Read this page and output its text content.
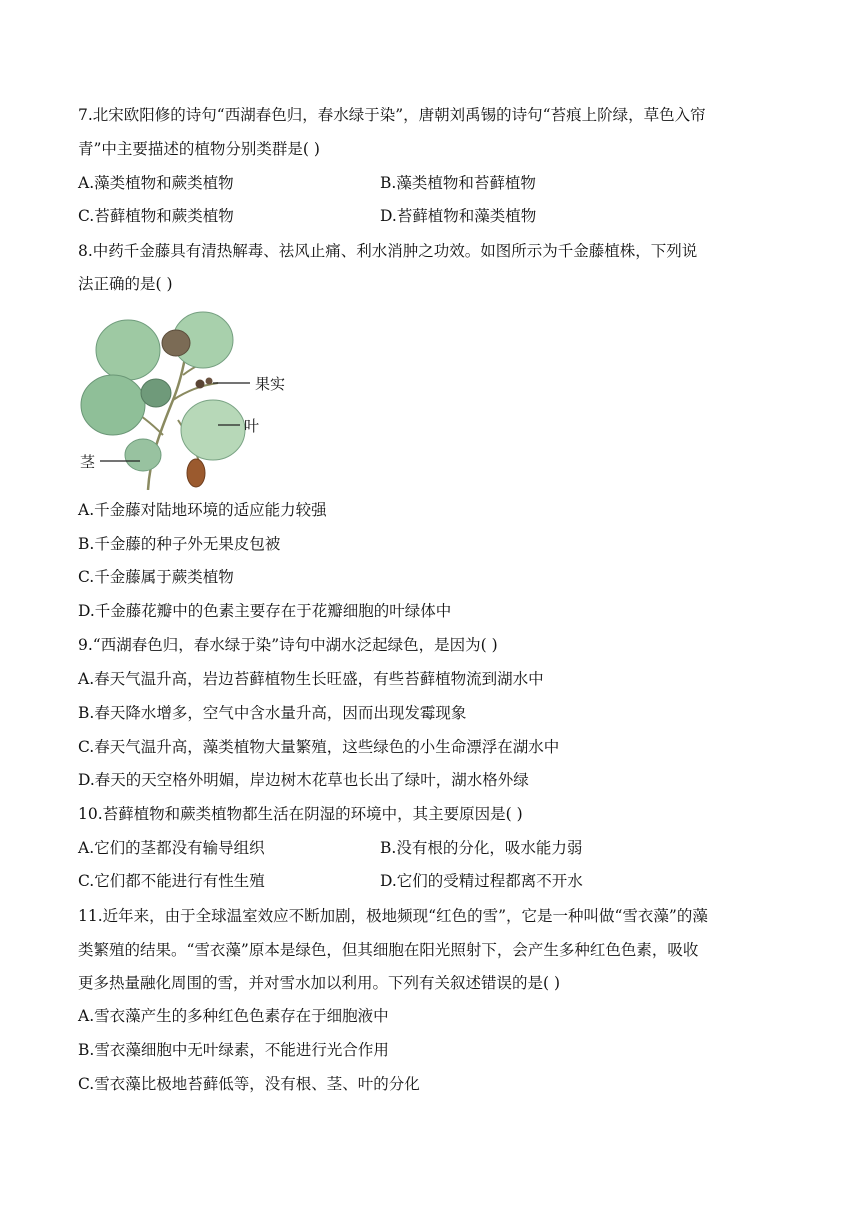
7.北宋欧阳修的诗句“西湖春色归，春水绿于染”，唐朝刘禹锡的诗句“苔痕上阶绿，草色入帘
青”中主要描述的植物分别类群是( )
A.藻类植物和蕨类植物	B.藻类植物和苔藓植物
C.苔藓植物和蕨类植物	D.苔藓植物和藻类植物
8.中药千金藤具有清热解毒、祛风止痛、利水消肿之功效。如图所示为千金藤植株，下列说
法正确的是( )
果实
叶
茎
A.千金藤对陆地环境的适应能力较强
B.千金藤的种子外无果皮包被
C.千金藤属于蕨类植物
D.千金藤花瓣中的色素主要存在于花瓣细胞的叶绿体中
9.“西湖春色归，春水绿于染”诗句中湖水泛起绿色，是因为( )
A.春天气温升高，岩边苔藓植物生长旺盛，有些苔藓植物流到湖水中
B.春天降水增多，空气中含水量升高，因而出现发霉现象
C.春天气温升高，藻类植物大量繁殖，这些绿色的小生命漂浮在湖水中
D.春天的天空格外明媚，岸边树木花草也长出了绿叶，湖水格外绿
10.苔藓植物和蕨类植物都生活在阴湿的环境中，其主要原因是( )
A.它们的茎都没有输导组织	B.没有根的分化，吸水能力弱
C.它们都不能进行有性生殖	D.它们的受精过程都离不开水
11.近年来，由于全球温室效应不断加剧，极地频现“红色的雪”，它是一种叫做“雪衣藻”的藻
类繁殖的结果。“雪衣藻”原本是绿色，但其细胞在阳光照射下，会产生多种红色色素，吸收
更多热量融化周围的雪，并对雪水加以利用。下列有关叙述错误的是( )
A.雪衣藻产生的多种红色色素存在于细胞液中
B.雪衣藻细胞中无叶绿素，不能进行光合作用
C.雪衣藻比极地苔藓低等，没有根、茎、叶的分化
